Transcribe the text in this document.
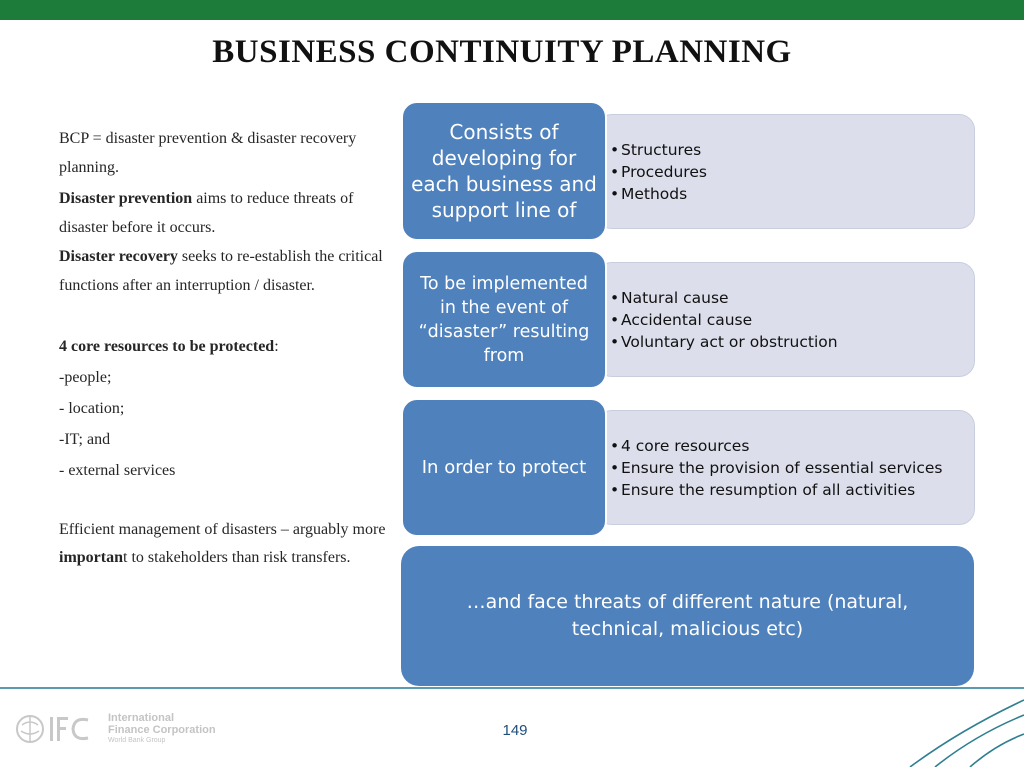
BUSINESS CONTINUITY PLANNING

BCP = disaster prevention & disaster recovery planning.

Disaster prevention aims to reduce threats of disaster before it occurs.

Disaster recovery seeks to re-establish the critical functions after an interruption / disaster.

4 core resources to be protected:

-people;

- location;

-IT; and

- external services

Efficient management of disasters – arguably more important to stakeholders than risk transfers.

• Structures
• Procedures
• Methods
Consists of developing for each business and support line of
• Natural cause
• Accidental cause
• Voluntary act or obstruction
To be implemented in the event of “disaster” resulting from
• 4 core resources
• Ensure the provision of essential services
• Ensure the resumption of all activities
In order to protect
…and face threats of different nature (natural, technical, malicious etc)
International
Finance Corporation
World Bank Group
149
